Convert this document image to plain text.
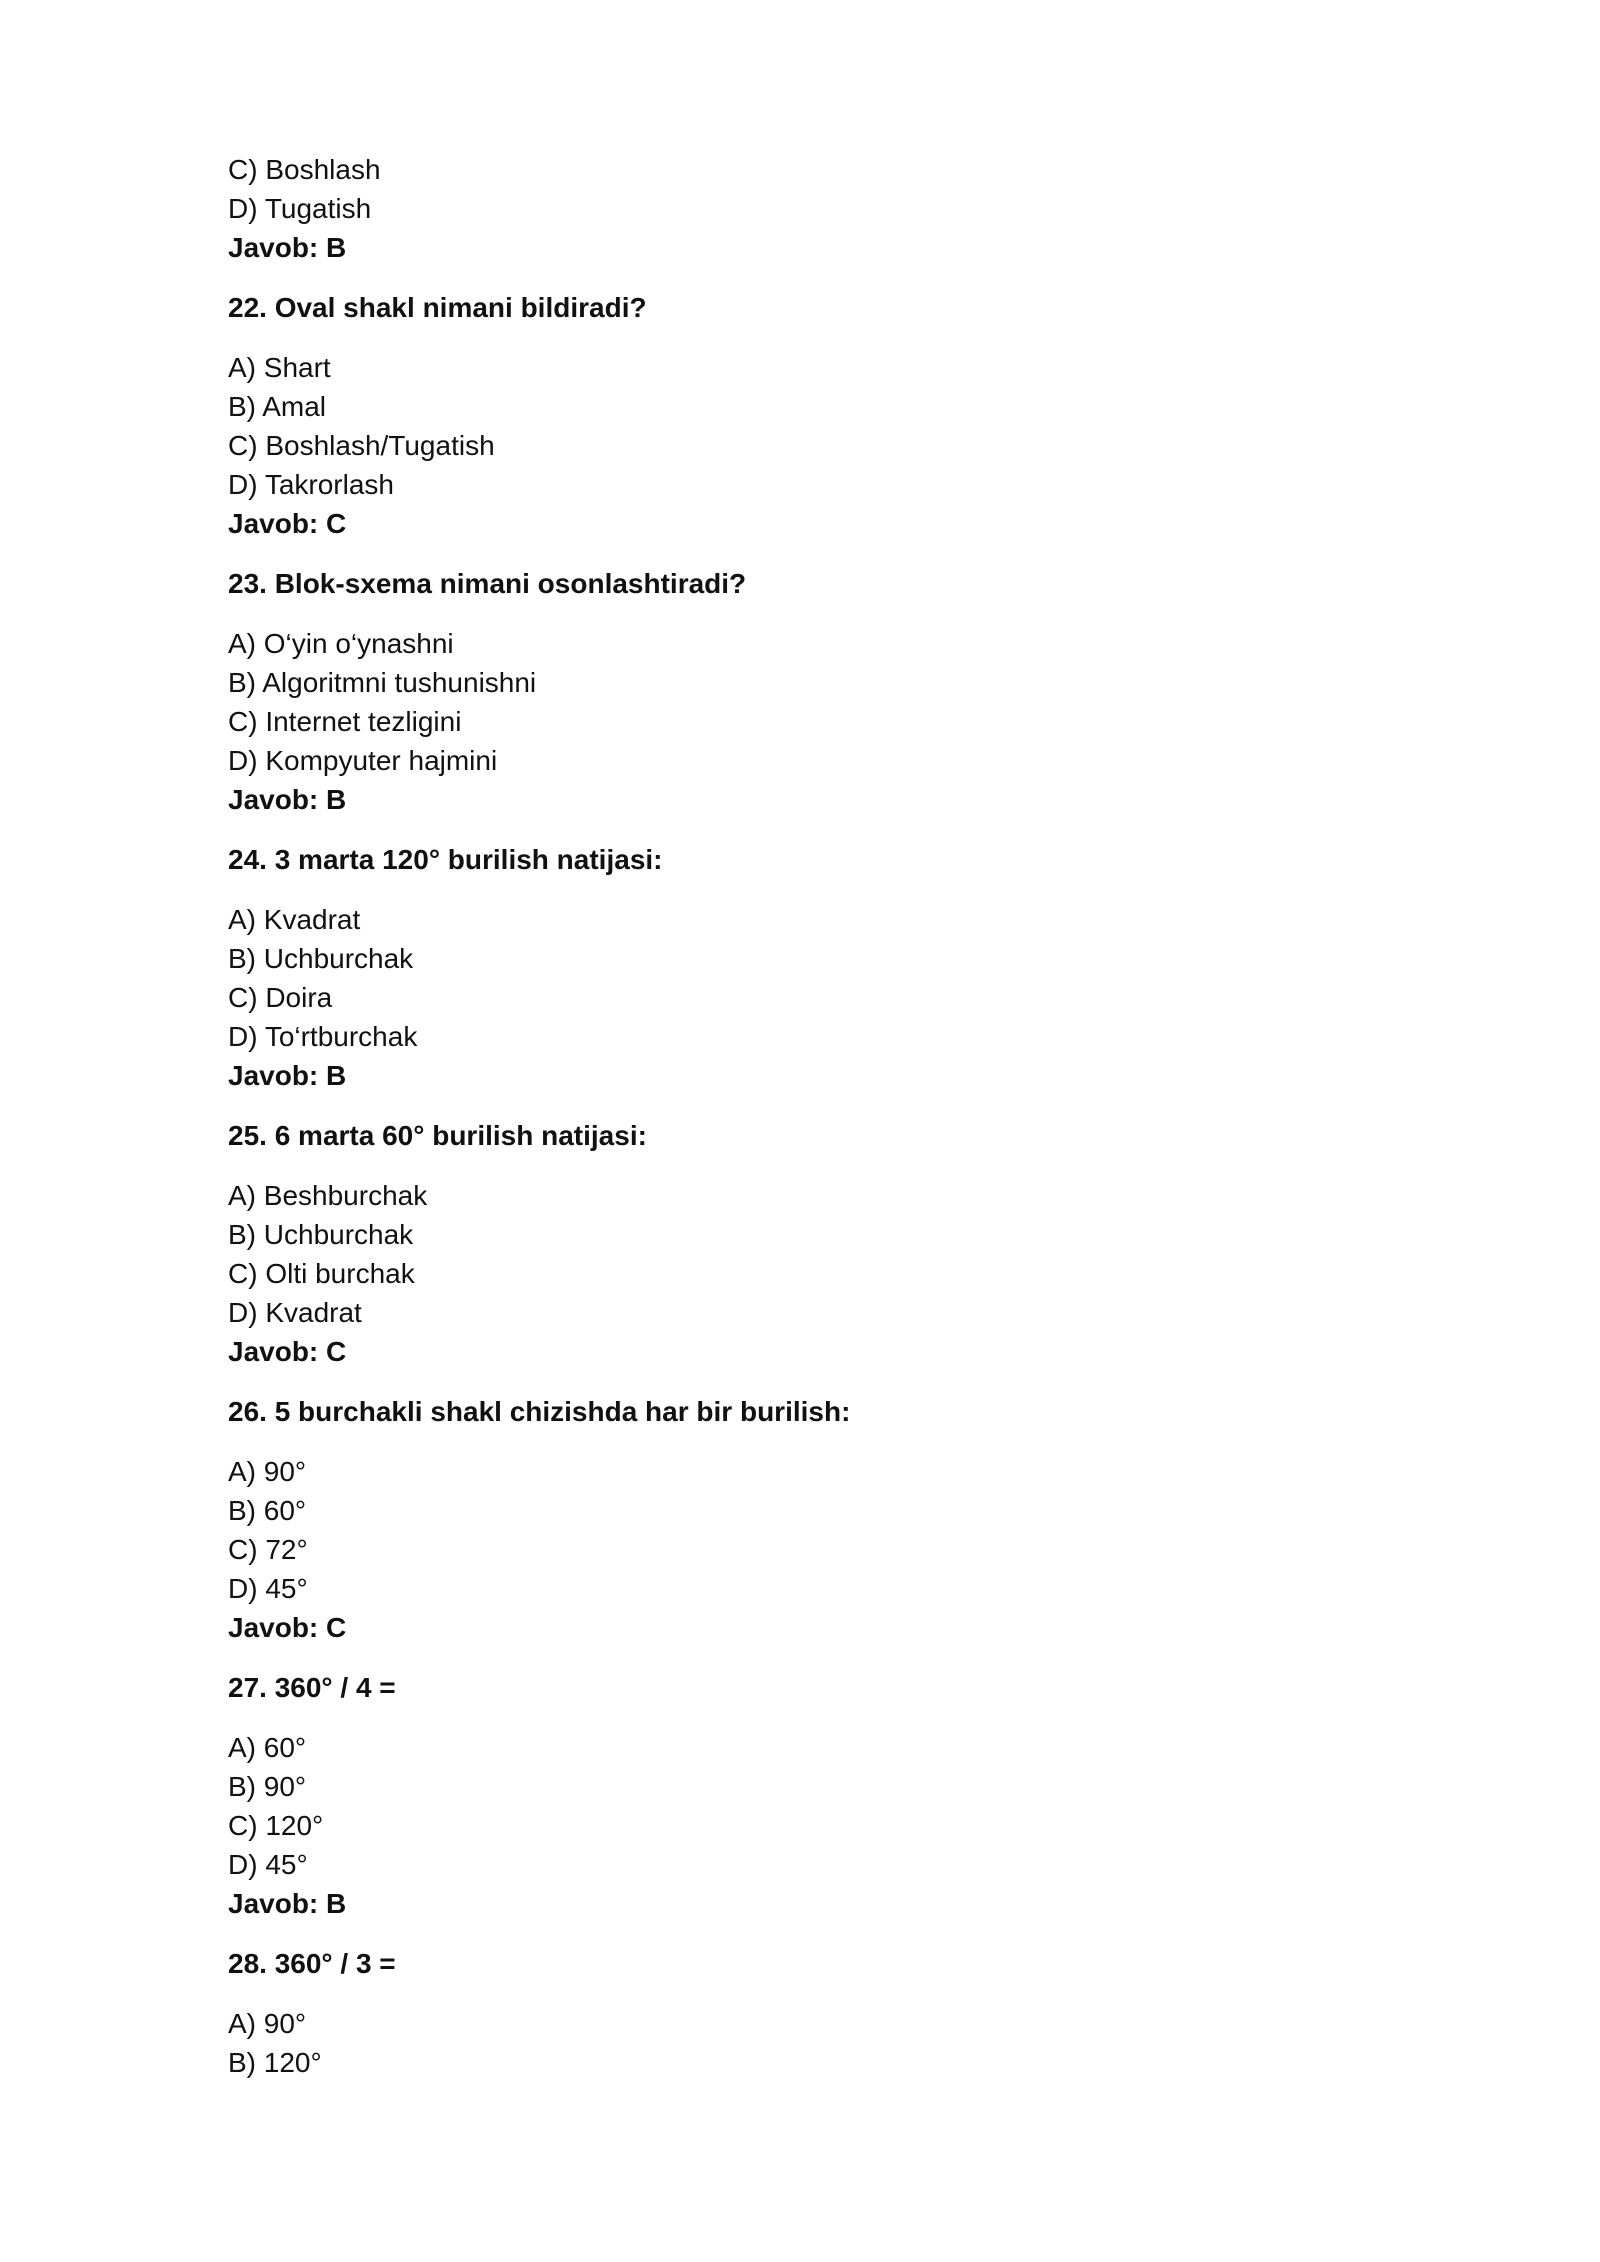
C) Boshlash
D) Tugatish
Javob: B
22. Oval shakl nimani bildiradi?
A) Shart
B) Amal
C) Boshlash/Tugatish
D) Takrorlash
Javob: C
23. Blok-sxema nimani osonlashtiradi?
A) O‘yin o‘ynashni
B) Algoritmni tushunishni
C) Internet tezligini
D) Kompyuter hajmini
Javob: B
24. 3 marta 120° burilish natijasi:
A) Kvadrat
B) Uchburchak
C) Doira
D) To‘rtburchak
Javob: B
25. 6 marta 60° burilish natijasi:
A) Beshburchak
B) Uchburchak
C) Olti burchak
D) Kvadrat
Javob: C
26. 5 burchakli shakl chizishda har bir burilish:
A) 90°
B) 60°
C) 72°
D) 45°
Javob: C
27. 360° / 4 =
A) 60°
B) 90°
C) 120°
D) 45°
Javob: B
28. 360° / 3 =
A) 90°
B) 120°
